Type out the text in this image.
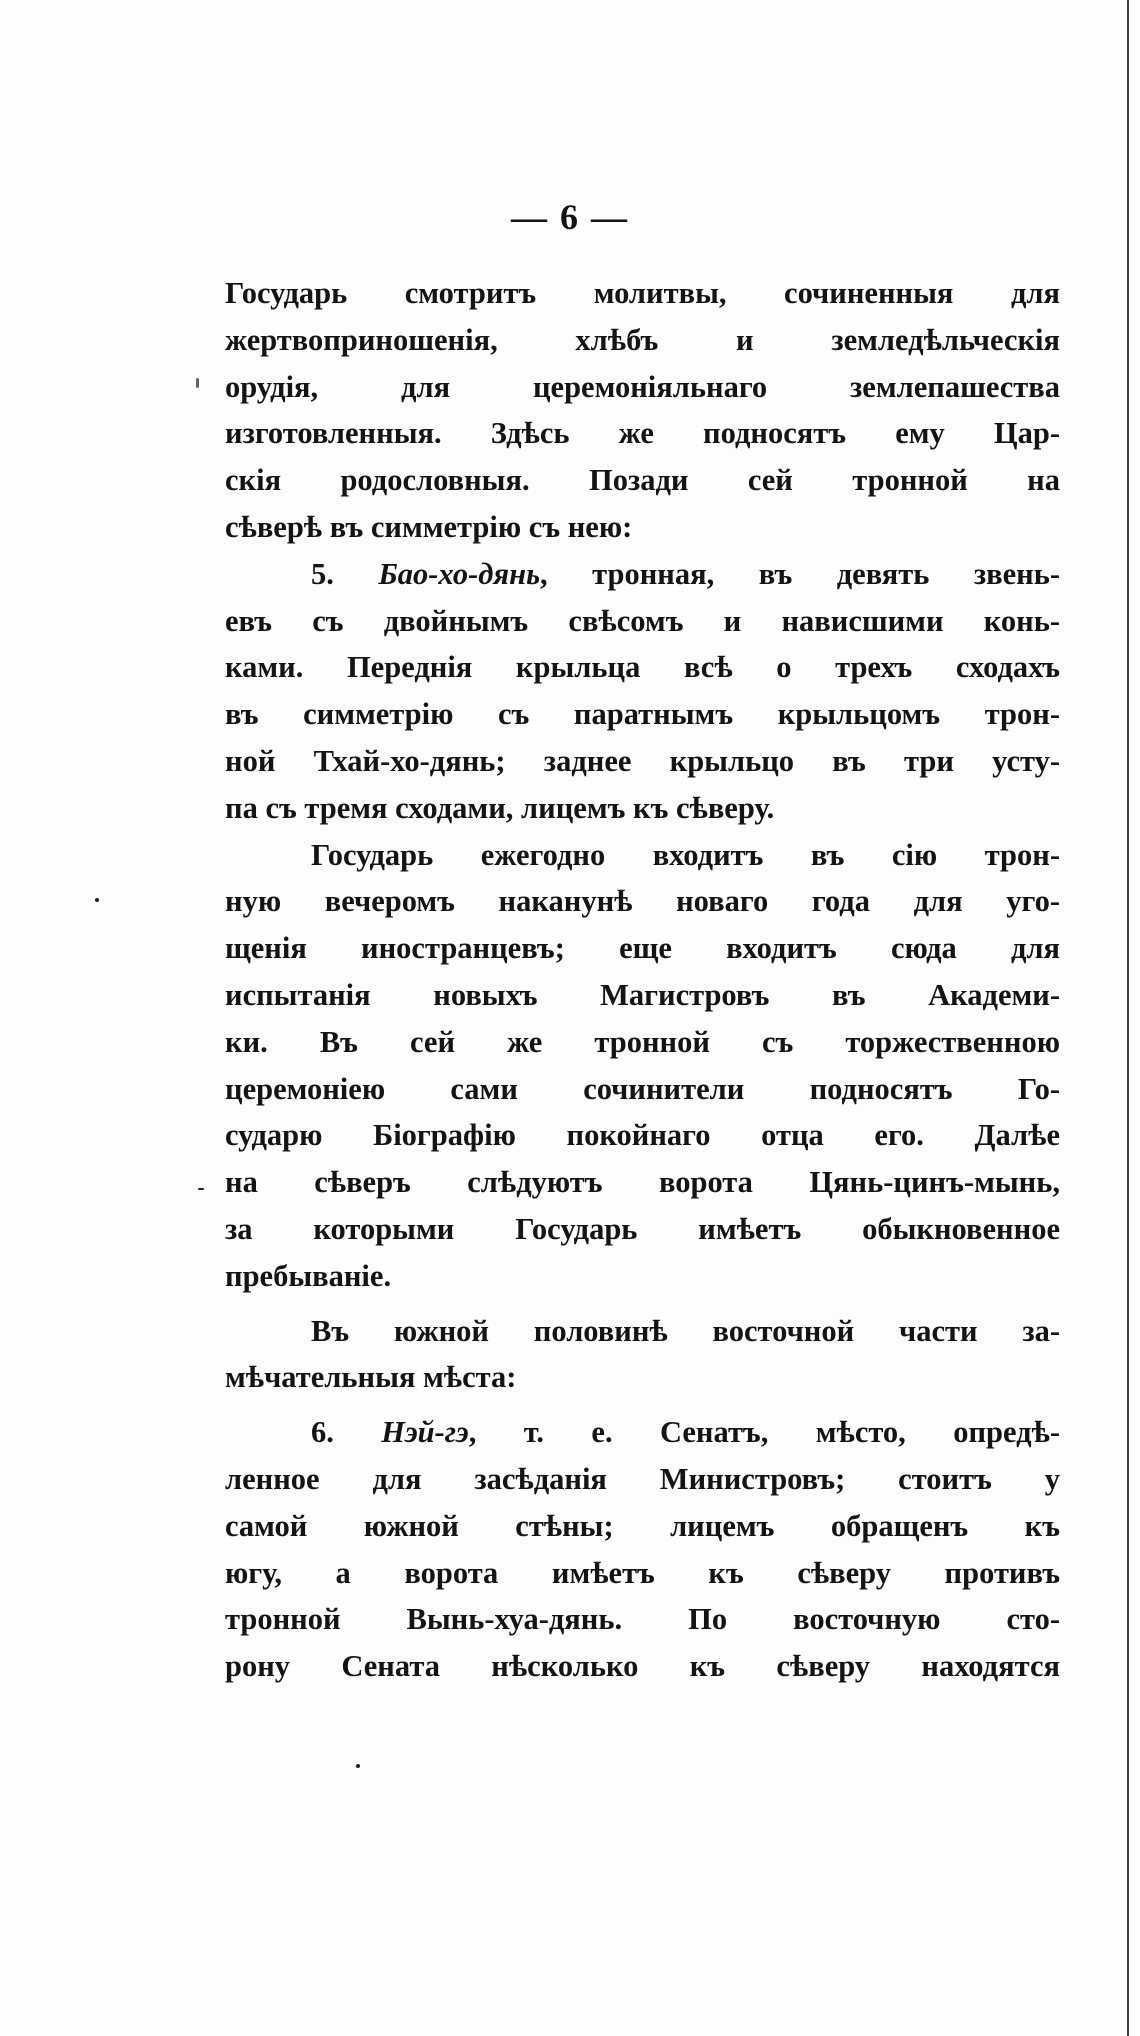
— 6 —
Государь смотритъ молитвы, сочиненныя для
жертвоприношенія, хлѣбъ и земледѣльческія
орудія, для церемоніяльнаго землепашества
изготовленныя. Здѣсь же подносятъ ему Цар-
скія родословныя. Позади сей тронной на
сѣверѣ въ симметрію съ нею:
5. Бао-хо-дянь, тронная, въ девять звень-
евъ съ двойнымъ свѣсомъ и нависшими конь-
ками. Переднія крыльца всѣ о трехъ сходахъ
въ симметрію съ паратнымъ крыльцомъ трон-
ной Тхай-хо-дянь; заднее крыльцо въ три усту-
па съ тремя сходами, лицемъ къ сѣверу.
Государь ежегодно входитъ въ сію трон-
ную вечеромъ наканунѣ новаго года для уго-
щенія иностранцевъ; еще входитъ сюда для
испытанія новыхъ Магистровъ въ Академи-
ки. Въ сей же тронной съ торжественною
церемоніею сами сочинители подносятъ Го-
сударю Біографію покойнаго отца его. Далѣе
на сѣверъ слѣдуютъ ворота Цянь-цинъ-мынь,
за которыми Государь имѣетъ обыкновенное
пребываніе.
Въ южной половинѣ восточной части за-
мѣчательныя мѣста:
6. Нэй-гэ, т. е. Сенатъ, мѣсто, опредѣ-
ленное для засѣданія Министровъ; стоитъ у
самой южной стѣны; лицемъ обращенъ къ
югу, а ворота имѣетъ къ сѣверу противъ
тронной Вынь-хуа-дянь. По восточную сто-
рону Сената нѣсколько къ сѣверу находятся
